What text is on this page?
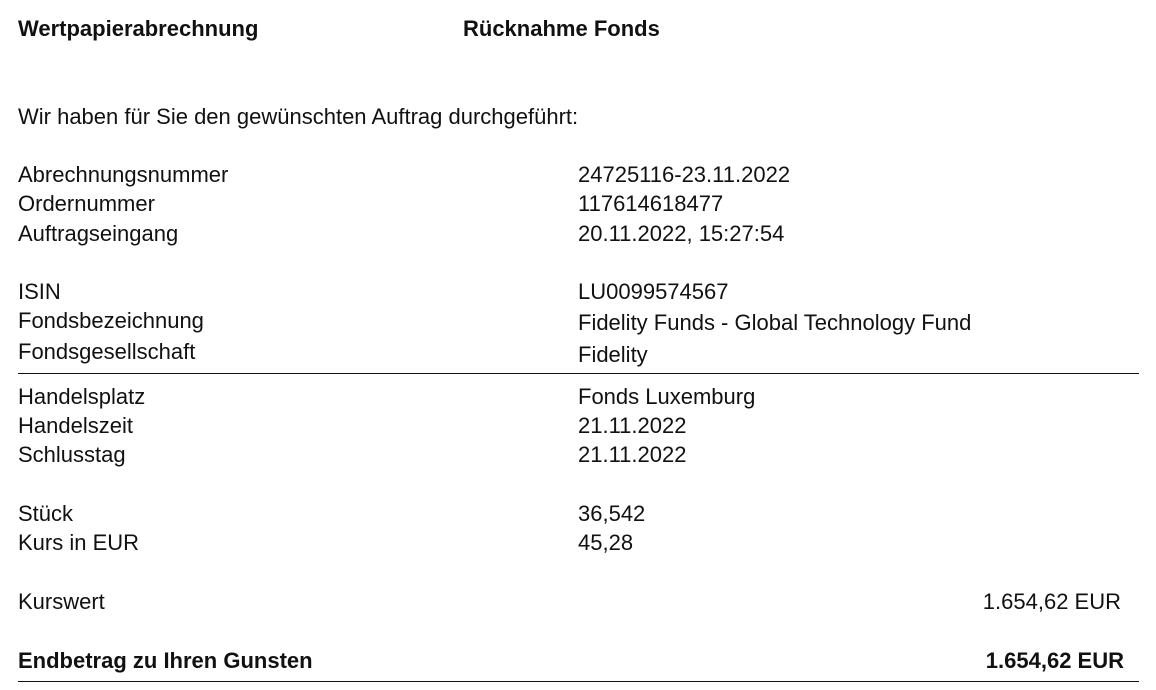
Wertpapierabrechnung	Rücknahme Fonds
Wir haben für Sie den gewünschten Auftrag durchgeführt:
Abrechnungsnummer	24725116-23.11.2022
Ordernummer	117614618477
Auftragseingang	20.11.2022, 15:27:54
ISIN	LU0099574567
Fondsbezeichnung	Fidelity Funds - Global Technology Fund
Fondsgesellschaft	Fidelity
Handelsplatz	Fonds Luxemburg
Handelszeit	21.11.2022
Schlusstag	21.11.2022
Stück	36,542
Kurs in EUR	45,28
Kurswert	1.654,62 EUR
Endbetrag zu Ihren Gunsten	1.654,62 EUR
